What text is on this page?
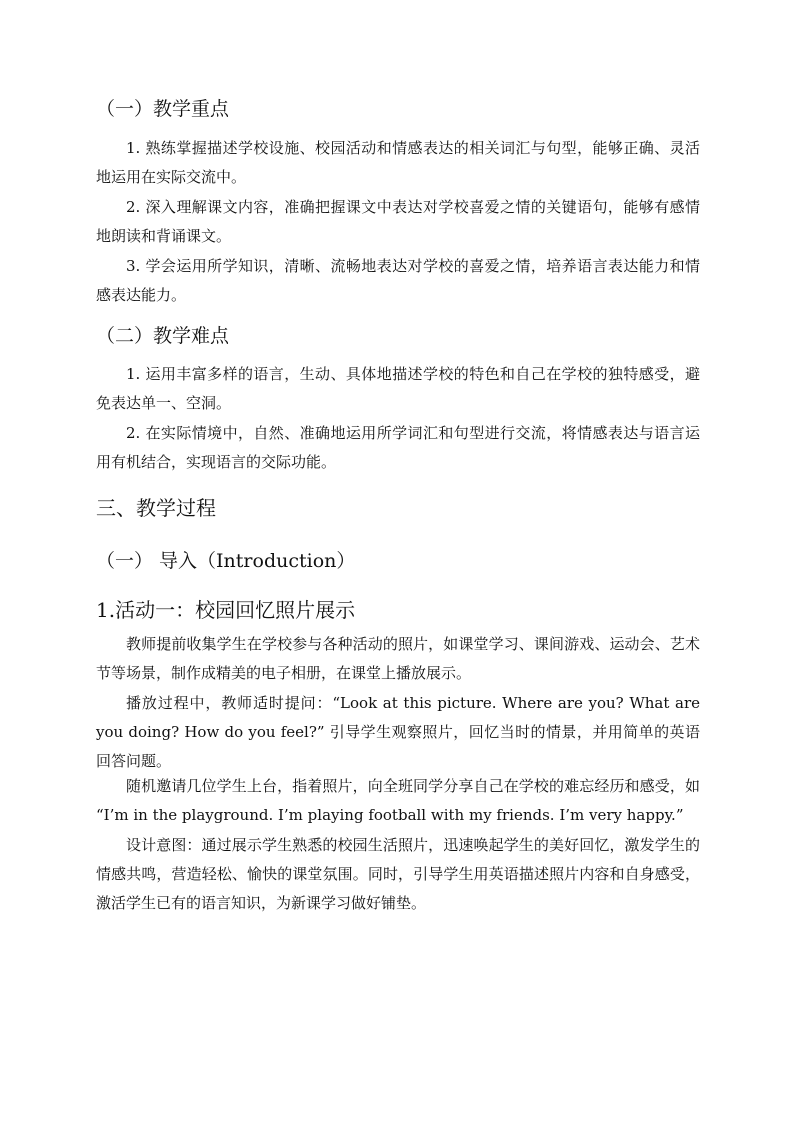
（一）教学重点
1. 熟练掌握描述学校设施、校园活动和情感表达的相关词汇与句型，能够正确、灵活地运用在实际交流中。
2. 深入理解课文内容，准确把握课文中表达对学校喜爱之情的关键语句，能够有感情地朗读和背诵课文。
3. 学会运用所学知识，清晰、流畅地表达对学校的喜爱之情，培养语言表达能力和情感表达能力。
（二）教学难点
1. 运用丰富多样的语言，生动、具体地描述学校的特色和自己在学校的独特感受，避免表达单一、空洞。
2. 在实际情境中，自然、准确地运用所学词汇和句型进行交流，将情感表达与语言运用有机结合，实现语言的交际功能。
三、教学过程
（一） 导入（Introduction）
1.活动一：校园回忆照片展示
教师提前收集学生在学校参与各种活动的照片，如课堂学习、课间游戏、运动会、艺术节等场景，制作成精美的电子相册，在课堂上播放展示。
播放过程中，教师适时提问：“Look at this picture. Where are you? What are you doing? How do you feel?” 引导学生观察照片，回忆当时的情景，并用简单的英语回答问题。
随机邀请几位学生上台，指着照片，向全班同学分享自己在学校的难忘经历和感受，如 “I’m in the playground. I’m playing football with my friends. I’m very happy.”
设计意图：通过展示学生熟悉的校园生活照片，迅速唤起学生的美好回忆，激发学生的情感共鸣，营造轻松、愉快的课堂氛围。同时，引导学生用英语描述照片内容和自身感受，激活学生已有的语言知识，为新课学习做好铺垫。
